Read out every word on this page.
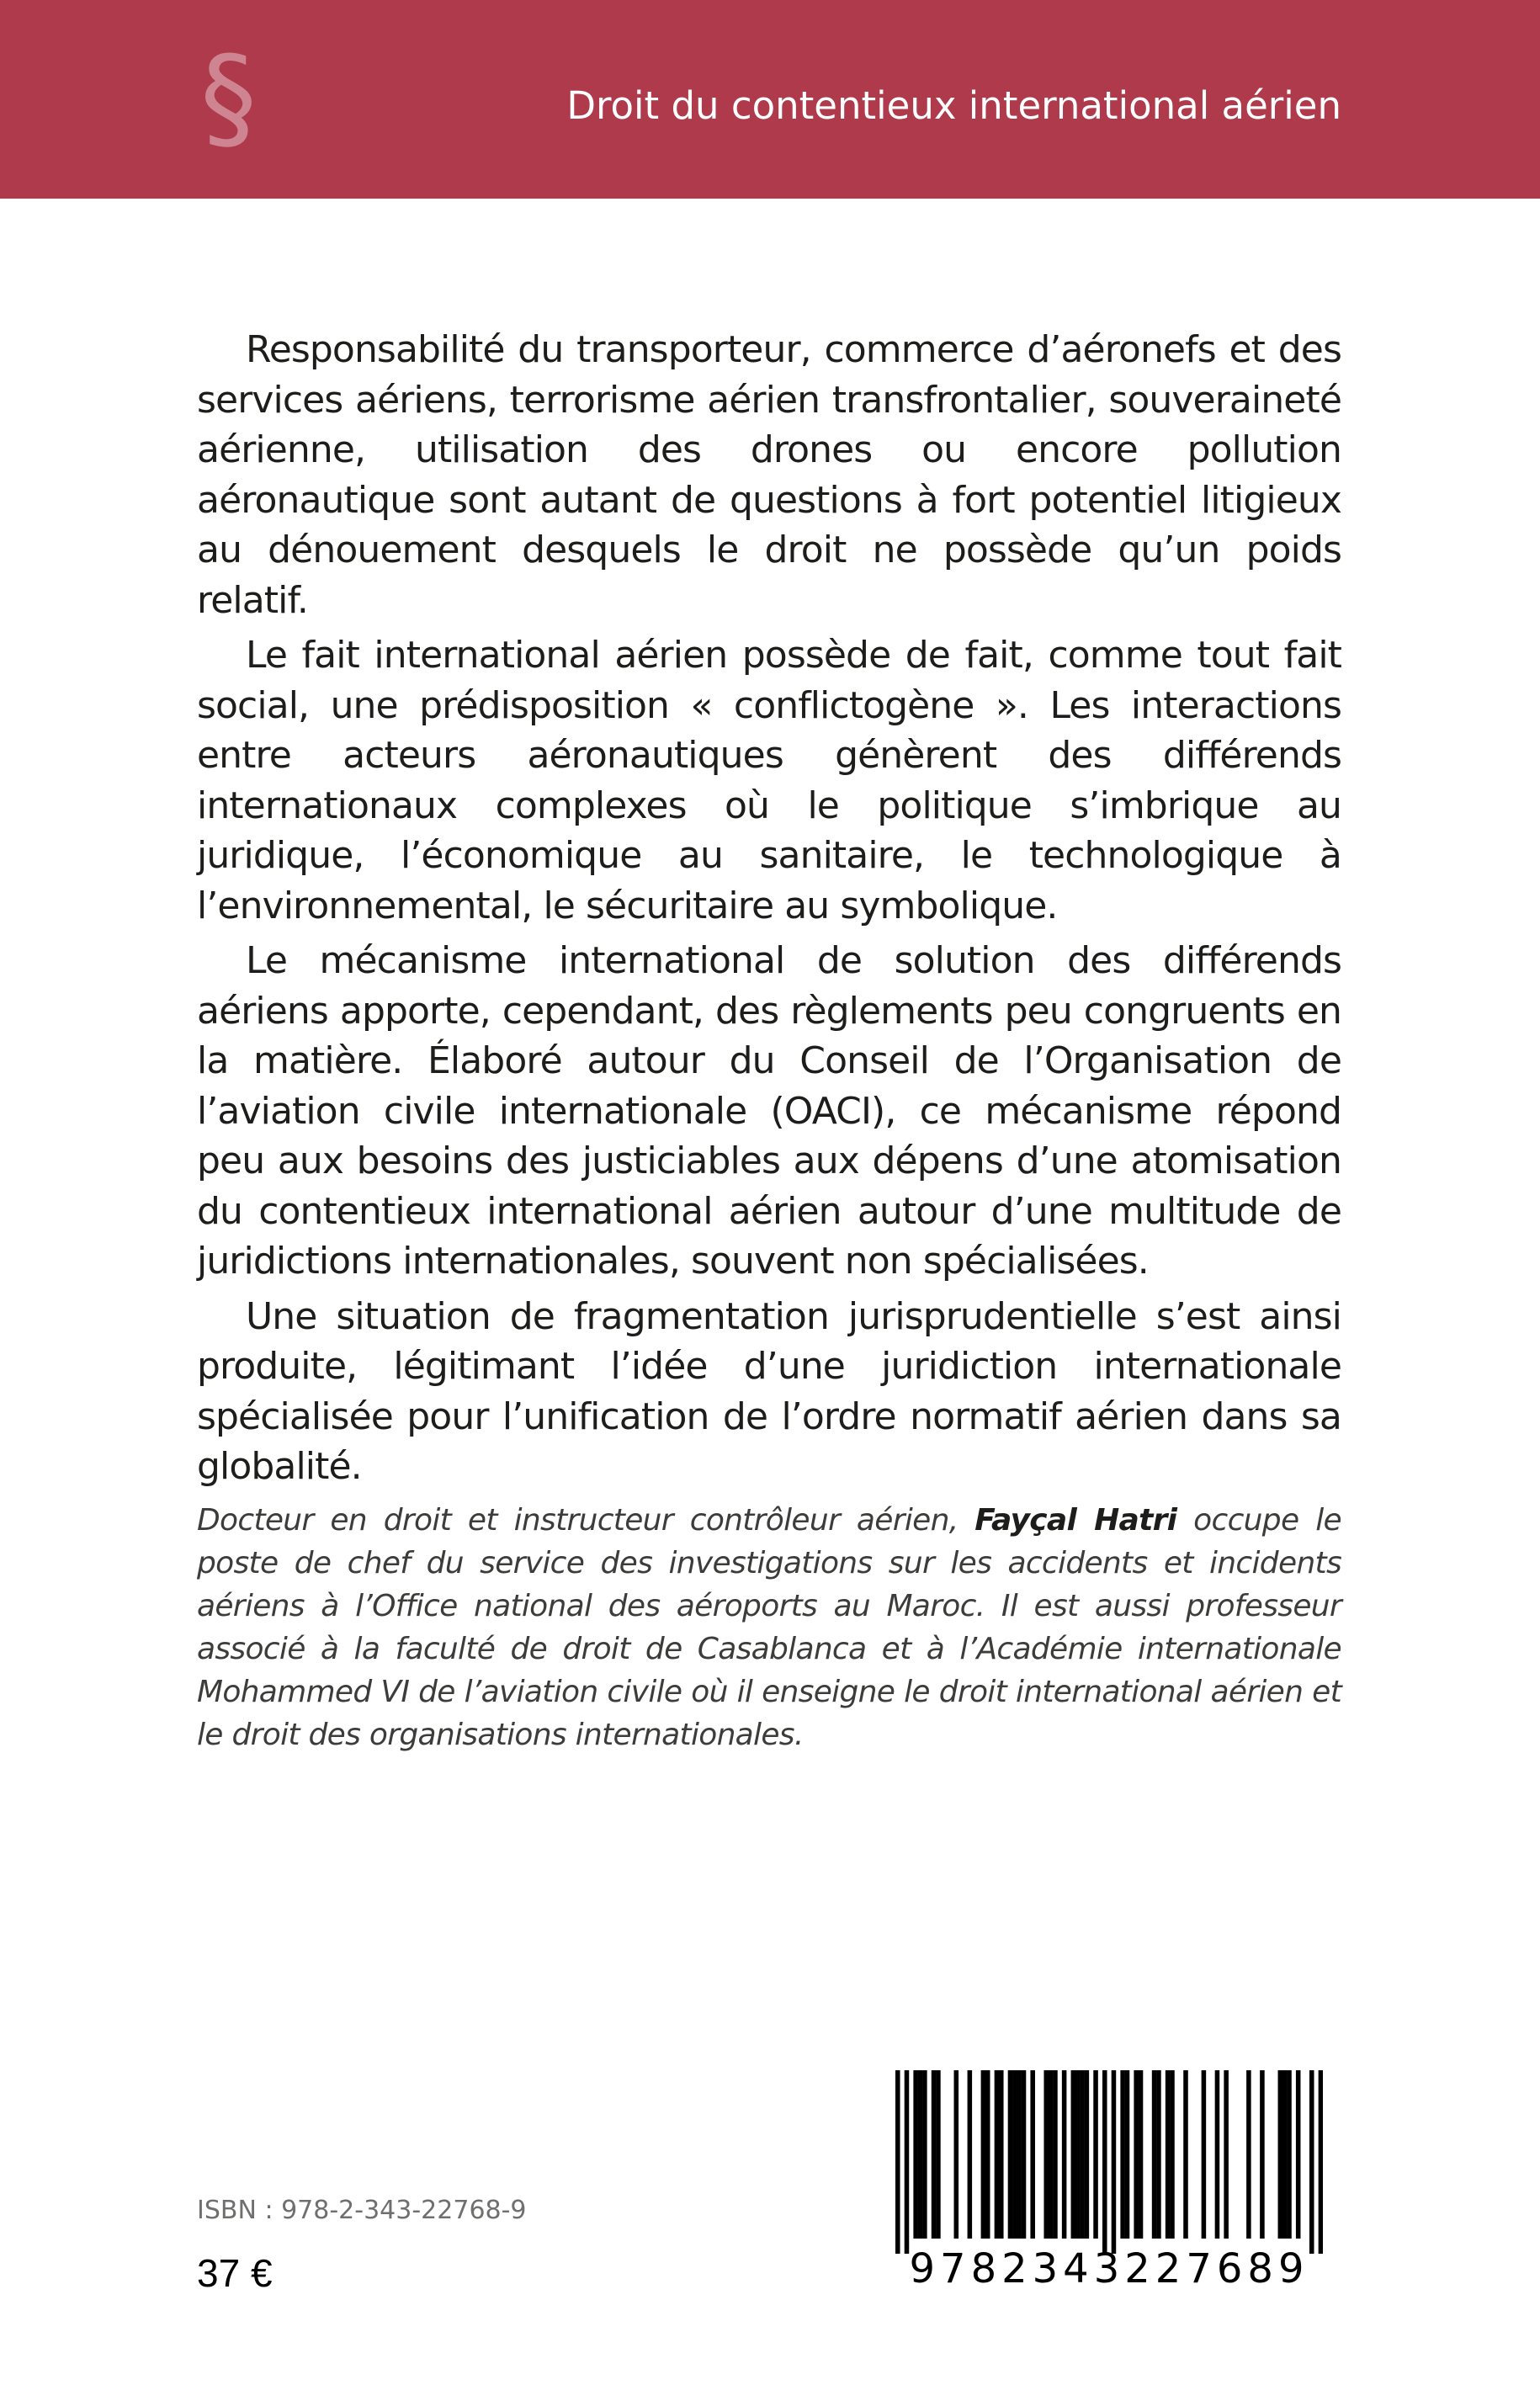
§	Droit du contentieux international aérien

Responsabilité du transporteur, commerce d’aéronefs et des services aériens, terrorisme aérien transfrontalier, souveraineté aérienne, utilisation des drones ou encore pollution aéronautique sont autant de questions à fort potentiel litigieux au dénouement desquels le droit ne possède qu’un poids relatif.

Le fait international aérien possède de fait, comme tout fait social, une prédisposition « conflictogène ». Les interactions entre acteurs aéronautiques génèrent des différends internationaux complexes où le politique s’imbrique au juridique, l’économique au sanitaire, le technologique à l’environnemental, le sécuritaire au symbolique.

Le mécanisme international de solution des différends aériens apporte, cependant, des règlements peu congruents en la matière. Élaboré autour du Conseil de l’Organisation de l’aviation civile internationale (OACI), ce mécanisme répond peu aux besoins des justiciables aux dépens d’une atomisation du contentieux international aérien autour d’une multitude de juridictions internationales, souvent non spécialisées.

Une situation de fragmentation jurisprudentielle s’est ainsi produite, légitimant l’idée d’une juridiction internationale spécialisée pour l’unification de l’ordre normatif aérien dans sa globalité.

Docteur en droit et instructeur contrôleur aérien, Fayçal Hatri occupe le poste de chef du service des investigations sur les accidents et incidents aériens à l’Office national des aéroports au Maroc. Il est aussi professeur associé à la faculté de droit de Casablanca et à l’Académie internationale Mohammed VI de l’aviation civile où il enseigne le droit international aérien et le droit des organisations internationales.

ISBN : 978-2-343-22768-9
37 €	9782343227689
